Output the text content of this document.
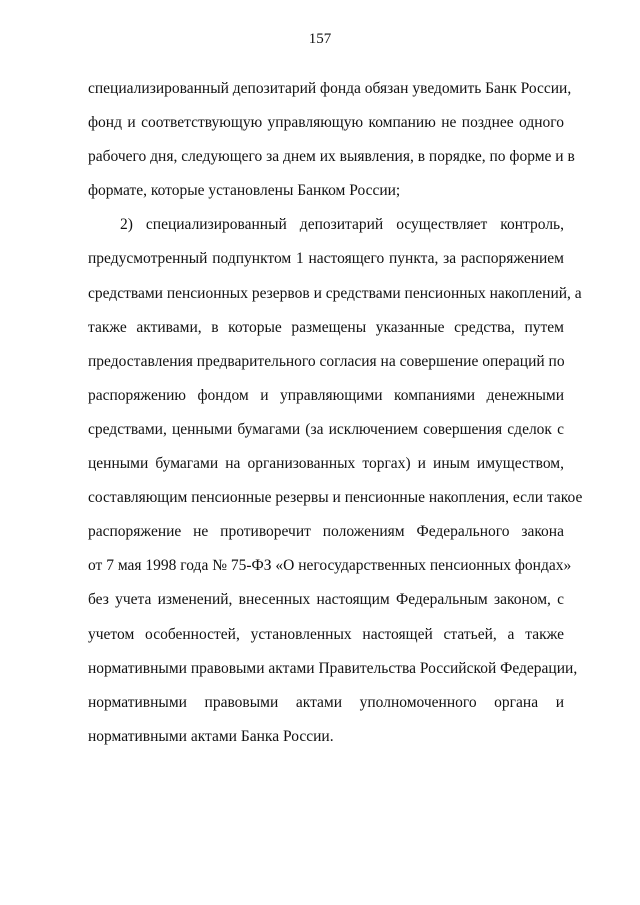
157
специализированный депозитарий фонда обязан уведомить Банк России,
фонд и соответствующую управляющую компанию не позднее одного
рабочего дня, следующего за днем их выявления, в порядке, по форме и в
формате, которые установлены Банком России;
2) специализированный депозитарий осуществляет контроль,
предусмотренный подпунктом 1 настоящего пункта, за распоряжением
средствами пенсионных резервов и средствами пенсионных накоплений, а
также активами, в которые размещены указанные средства, путем
предоставления предварительного согласия на совершение операций по
распоряжению фондом и управляющими компаниями денежными
средствами, ценными бумагами (за исключением совершения сделок с
ценными бумагами на организованных торгах) и иным имуществом,
составляющим пенсионные резервы и пенсионные накопления, если такое
распоряжение не противоречит положениям Федерального закона
от 7 мая 1998 года № 75-ФЗ «О негосударственных пенсионных фондах»
без учета изменений, внесенных настоящим Федеральным законом, с
учетом особенностей, установленных настоящей статьей, а также
нормативными правовыми актами Правительства Российской Федерации,
нормативными правовыми актами уполномоченного органа и
нормативными актами Банка России.
